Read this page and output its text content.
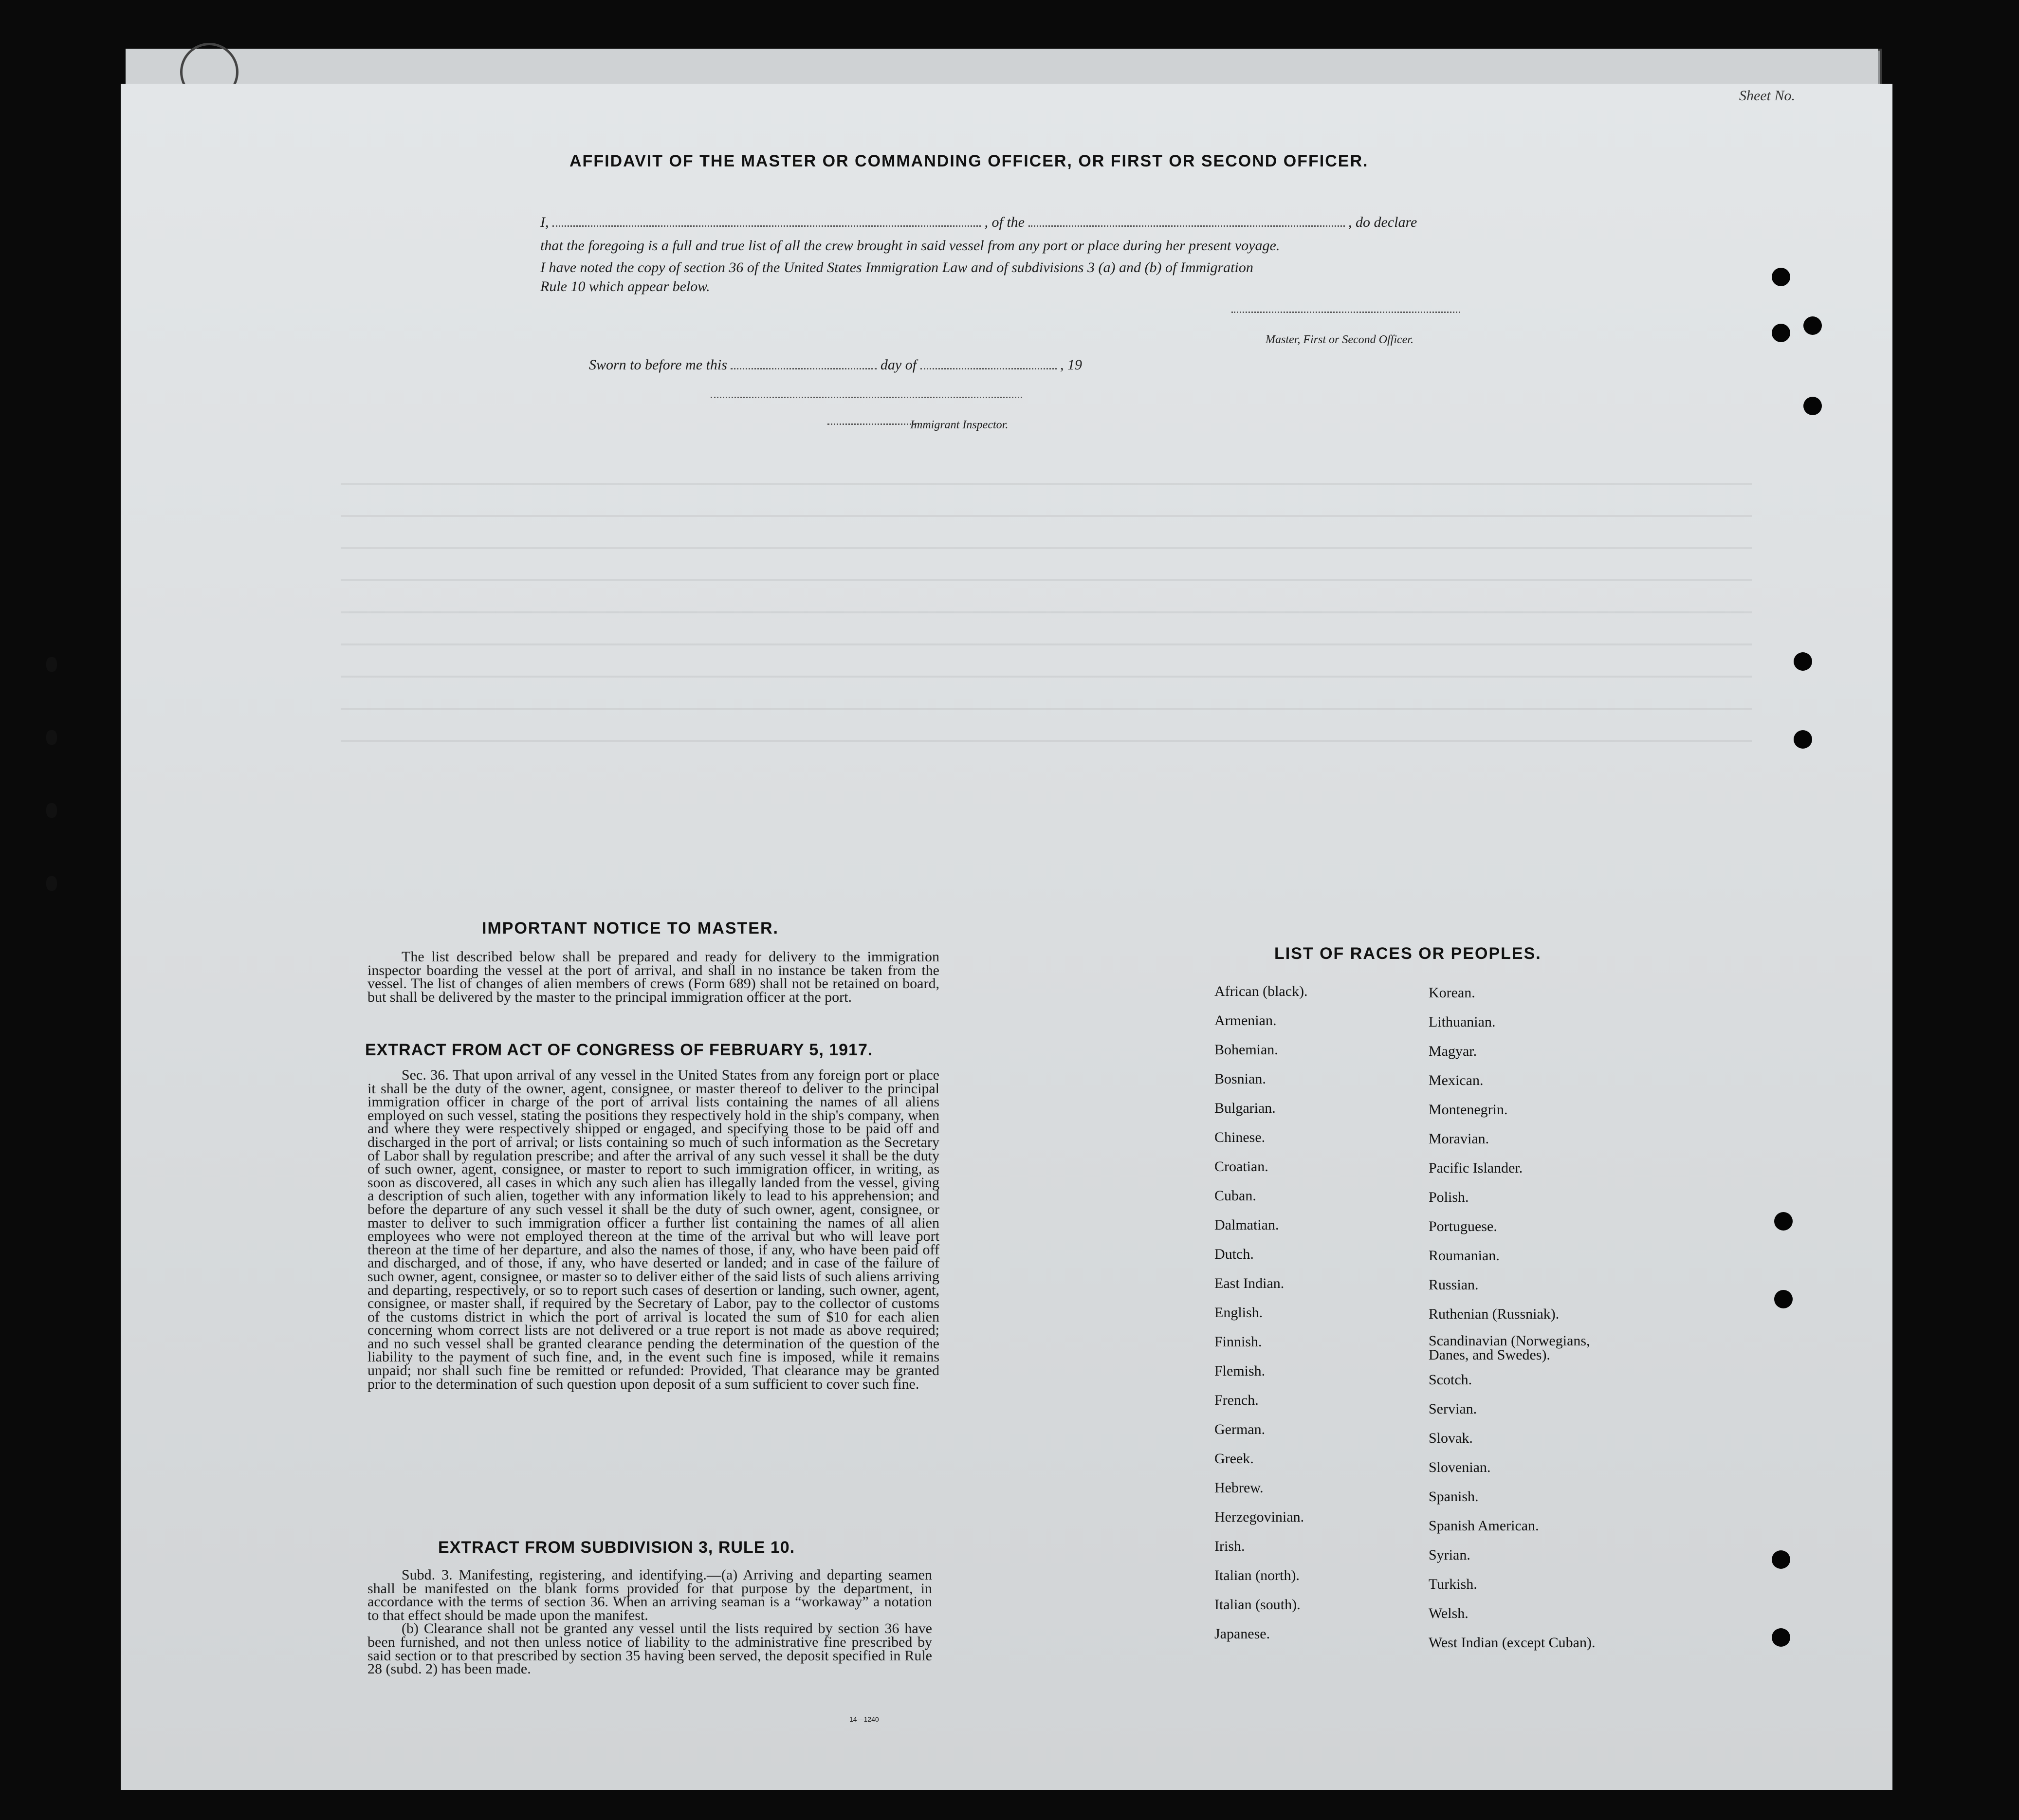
Sheet No.
AFFIDAVIT OF THE MASTER OR COMMANDING OFFICER, OR FIRST OR SECOND OFFICER.
I,	, of the	, do declare
that the foregoing is a full and true list of all the crew brought in said vessel from any port or place during her present voyage.
I have noted the copy of section 36 of the United States Immigration Law and of subdivisions 3 (a) and (b) of Immigration
Rule 10 which appear below.
Master, First or Second Officer.
Sworn to before me this	day of	, 19
Immigrant Inspector.
IMPORTANT NOTICE TO MASTER.

The list described below shall be prepared and ready for delivery to the immigration inspector boarding the vessel at the port of arrival, and shall in no instance be taken from the vessel. The list of changes of alien members of crews (Form 689) shall not be retained on board, but shall be delivered by the master to the principal immigration officer at the port.

EXTRACT FROM ACT OF CONGRESS OF FEBRUARY 5, 1917.

Sec. 36. That upon arrival of any vessel in the United States from any foreign port or place it shall be the duty of the owner, agent, consignee, or master thereof to deliver to the principal immigration officer in charge of the port of arrival lists containing the names of all aliens employed on such vessel, stating the positions they respectively hold in the ship's company, when and where they were respectively shipped or engaged, and specifying those to be paid off and discharged in the port of arrival; or lists containing so much of such information as the Secretary of Labor shall by regulation prescribe; and after the arrival of any such vessel it shall be the duty of such owner, agent, consignee, or master to report to such immigration officer, in writing, as soon as discovered, all cases in which any such alien has illegally landed from the vessel, giving a description of such alien, together with any information likely to lead to his apprehension; and before the departure of any such vessel it shall be the duty of such owner, agent, consignee, or master to deliver to such immigration officer a further list containing the names of all alien employees who were not employed thereon at the time of the arrival but who will leave port thereon at the time of her departure, and also the names of those, if any, who have been paid off and discharged, and of those, if any, who have deserted or landed; and in case of the failure of such owner, agent, consignee, or master so to deliver either of the said lists of such aliens arriving and departing, respectively, or so to report such cases of desertion or landing, such owner, agent, consignee, or master shall, if required by the Secretary of Labor, pay to the collector of customs of the customs district in which the port of arrival is located the sum of $10 for each alien concerning whom correct lists are not delivered or a true report is not made as above required; and no such vessel shall be granted clearance pending the determination of the question of the liability to the payment of such fine, and, in the event such fine is imposed, while it remains unpaid; nor shall such fine be remitted or refunded: Provided, That clearance may be granted prior to the determination of such question upon deposit of a sum sufficient to cover such fine.

EXTRACT FROM SUBDIVISION 3, RULE 10.

Subd. 3. Manifesting, registering, and identifying.—(a) Arriving and departing seamen shall be manifested on the blank forms provided for that purpose by the department, in accordance with the terms of section 36. When an arriving seaman is a “workaway” a notation to that effect should be made upon the manifest.

(b) Clearance shall not be granted any vessel until the lists required by section 36 have been furnished, and not then unless notice of liability to the administrative fine prescribed by said section or to that prescribed by section 35 having been served, the deposit specified in Rule 28 (subd. 2) has been made.

14—1240
LIST OF RACES OR PEOPLES.
African (black).
Armenian.
Bohemian.
Bosnian.
Bulgarian.
Chinese.
Croatian.
Cuban.
Dalmatian.
Dutch.
East Indian.
English.
Finnish.
Flemish.
French.
German.
Greek.
Hebrew.
Herzegovinian.
Irish.
Italian (north).
Italian (south).
Japanese.
Korean.
Lithuanian.
Magyar.
Mexican.
Montenegrin.
Moravian.
Pacific Islander.
Polish.
Portuguese.
Roumanian.
Russian.
Ruthenian (Russniak).
Scandinavian (Norwegians, Danes, and Swedes).
Scotch.
Servian.
Slovak.
Slovenian.
Spanish.
Spanish American.
Syrian.
Turkish.
Welsh.
West Indian (except Cuban).
